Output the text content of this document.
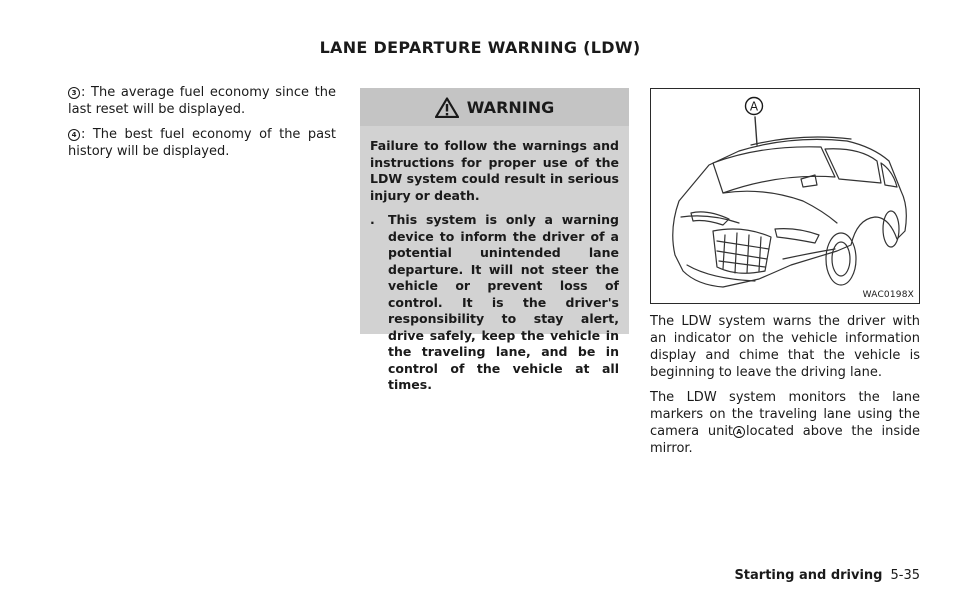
LANE DEPARTURE WARNING (LDW)

3 : The average fuel economy since the last reset will be displayed.

4 : The best fuel economy of the past history will be displayed.

WARNING

Failure to follow the warnings and instructions for proper use of the LDW system could result in serious injury or death.

.	This system is only a warning device to inform the driver of a potential unintended lane departure. It will not steer the vehicle or prevent loss of control. It is the driver's responsibility to stay alert, drive safely, keep the vehicle in the traveling lane, and be in control of the vehicle at all times.
A
WAC0198X

The LDW system warns the driver with an indicator on the vehicle information display and chime that the vehicle is beginning to leave the driving lane.

The LDW system monitors the lane markers on the traveling lane using the camera unit A located above the inside mirror.

Starting and driving 5-35
